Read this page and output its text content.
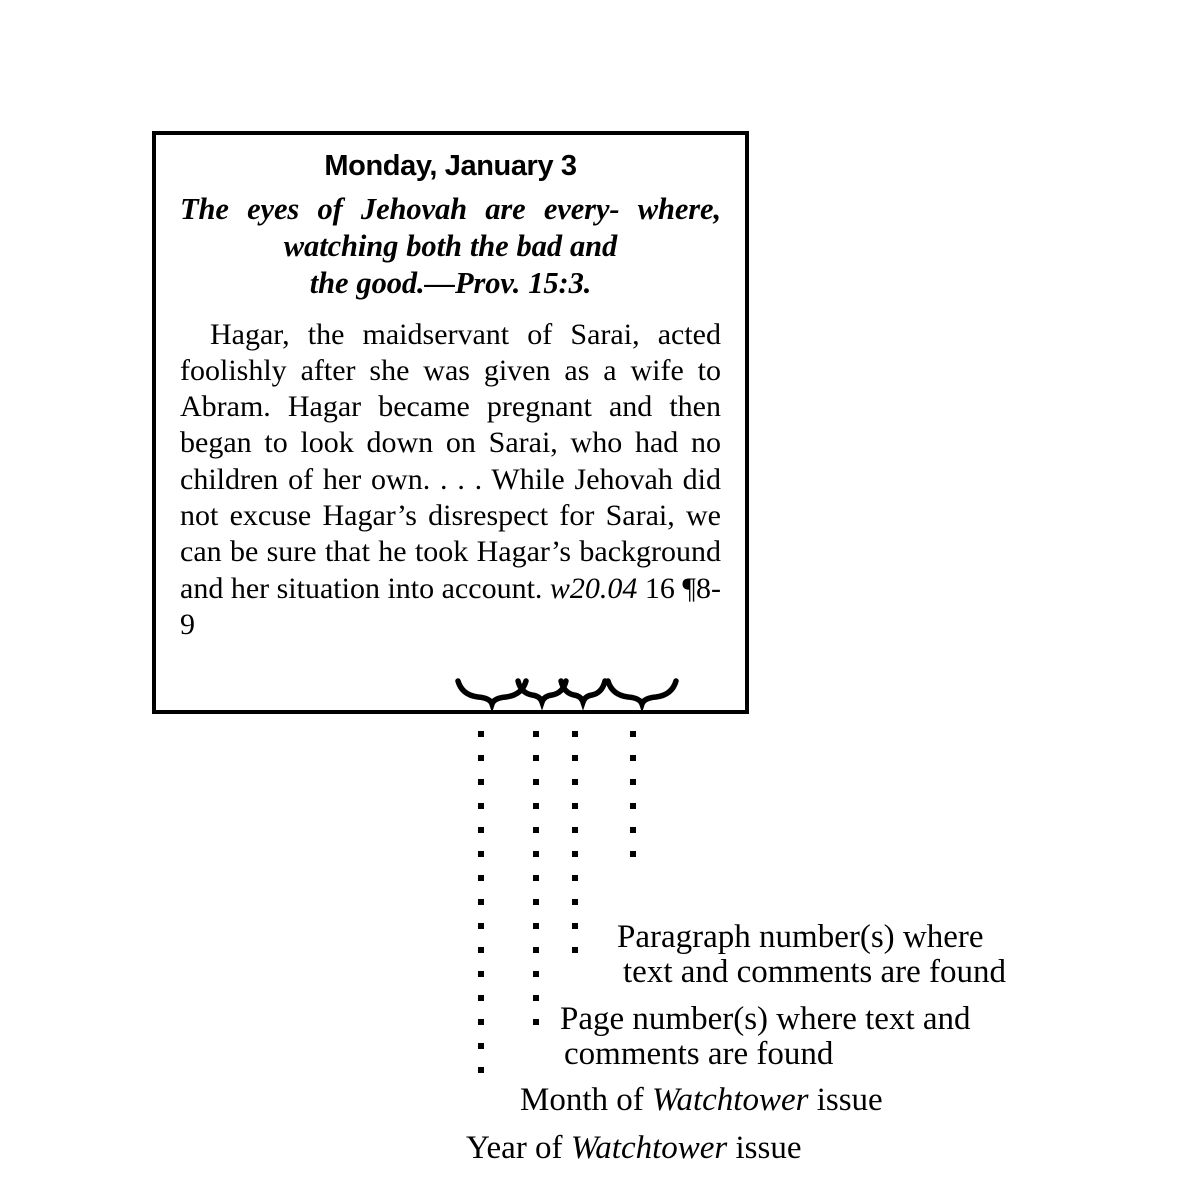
Monday, January 3
The eyes of Jehovah are every- where, watching both the bad and
the good.—Prov. 15:3.

Hagar, the maidservant of Sarai, acted foolishly after she was given as a wife to Abram. Hagar became pregnant and then began to look down on Sarai, who had no children of her own. . . . While Jehovah did not excuse Hagar’s disrespect for Sarai, we can be sure that he took Hagar’s background and her situation into account. w20.04 16 ¶8-9

Paragraph number(s) where

text and comments are found

Page number(s) where text and

comments are found

Month of Watchtower issue

Year of Watchtower issue
